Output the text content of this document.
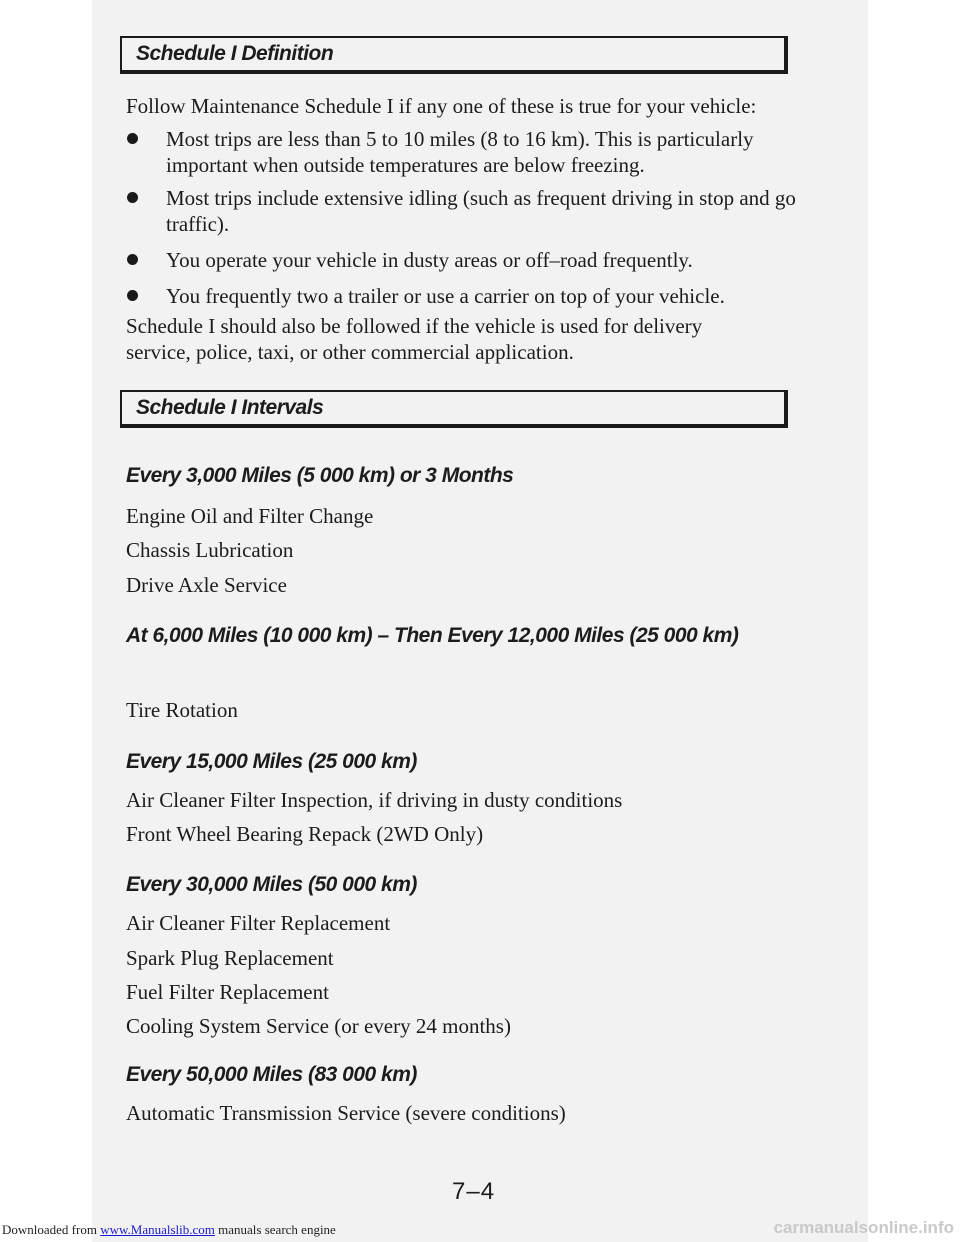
Schedule I Definition

Follow Maintenance Schedule I if any one of these is true for your vehicle:

Most trips are less than 5 to 10 miles (8 to 16 km). This is particularly important when outside temperatures are below freezing.
Most trips include extensive idling (such as frequent driving in stop and go traffic).
You operate your vehicle in dusty areas or off–road frequently.
You frequently two a trailer or use a carrier on top of your vehicle.

Schedule I should also be followed if the vehicle is used for delivery service, police, taxi, or other commercial application.

Schedule I Intervals
Every 3,000 Miles (5 000 km) or 3 Months
Engine Oil and Filter Change
Chassis Lubrication
Drive Axle Service
At 6,000 Miles (10 000 km) – Then Every 12,000 Miles (25 000 km)
Tire Rotation
Every 15,000 Miles (25 000 km)
Air Cleaner Filter Inspection, if driving in dusty conditions
Front Wheel Bearing Repack (2WD Only)
Every 30,000 Miles (50 000 km)
Air Cleaner Filter Replacement
Spark Plug Replacement
Fuel Filter Replacement
Cooling System Service (or every 24 months)
Every 50,000 Miles (83 000 km)
Automatic Transmission Service (severe conditions)
7–4
Downloaded from www.Manualslib.com manuals search engine	carmanualsonline.info
